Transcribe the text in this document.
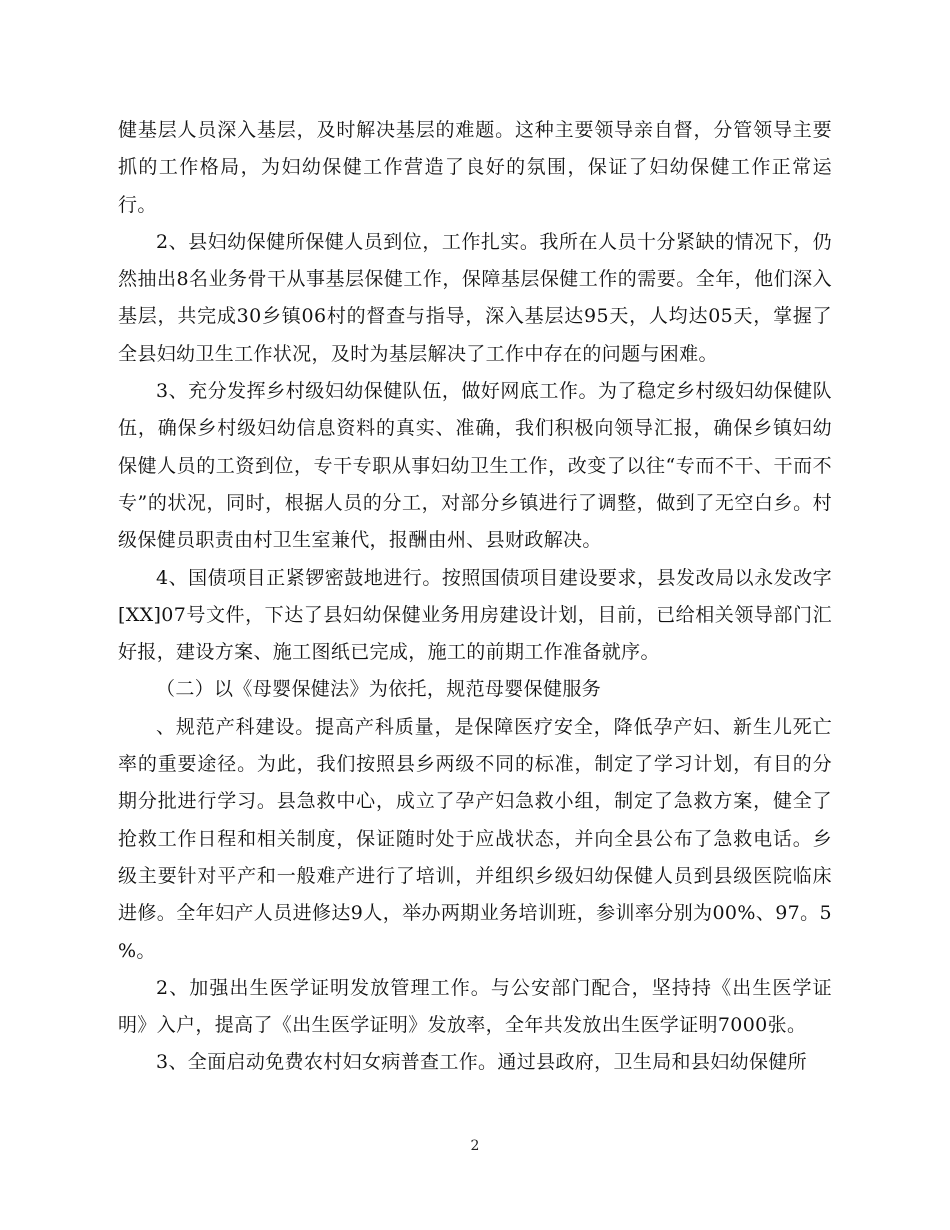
健基层人员深入基层，及时解决基层的难题。这种主要领导亲自督，分管领导主要抓的工作格局，为妇幼保健工作营造了良好的氛围，保证了妇幼保健工作正常运行。

2、县妇幼保健所保健人员到位，工作扎实。我所在人员十分紧缺的情况下，仍然抽出8名业务骨干从事基层保健工作，保障基层保健工作的需要。全年，他们深入基层，共完成30乡镇06村的督查与指导，深入基层达95天，人均达05天，掌握了全县妇幼卫生工作状况，及时为基层解决了工作中存在的问题与困难。

3、充分发挥乡村级妇幼保健队伍，做好网底工作。为了稳定乡村级妇幼保健队伍，确保乡村级妇幼信息资料的真实、准确，我们积极向领导汇报，确保乡镇妇幼保健人员的工资到位，专干专职从事妇幼卫生工作，改变了以往“专而不干、干而不专”的状况，同时，根据人员的分工，对部分乡镇进行了调整，做到了无空白乡。村级保健员职责由村卫生室兼代，报酬由州、县财政解决。

4、国债项目正紧锣密鼓地进行。按照国债项目建设要求，县发改局以永发改字[XX]07号文件，下达了县妇幼保健业务用房建设计划，目前，已给相关领导部门汇好报，建设方案、施工图纸已完成，施工的前期工作准备就序。

（二）以《母婴保健法》为依托，规范母婴保健服务

、规范产科建设。提高产科质量，是保障医疗安全，降低孕产妇、新生儿死亡率的重要途径。为此，我们按照县乡两级不同的标准，制定了学习计划，有目的分期分批进行学习。县急救中心，成立了孕产妇急救小组，制定了急救方案，健全了抢救工作日程和相关制度，保证随时处于应战状态，并向全县公布了急救电话。乡级主要针对平产和一般难产进行了培训，并组织乡级妇幼保健人员到县级医院临床进修。全年妇产人员进修达9人，举办两期业务培训班，参训率分别为00%、97。5 %。

2、加强出生医学证明发放管理工作。与公安部门配合，坚持持《出生医学证明》入户，提高了《出生医学证明》发放率，全年共发放出生医学证明7000张。

3、全面启动免费农村妇女病普查工作。通过县政府，卫生局和县妇幼保健所

2
